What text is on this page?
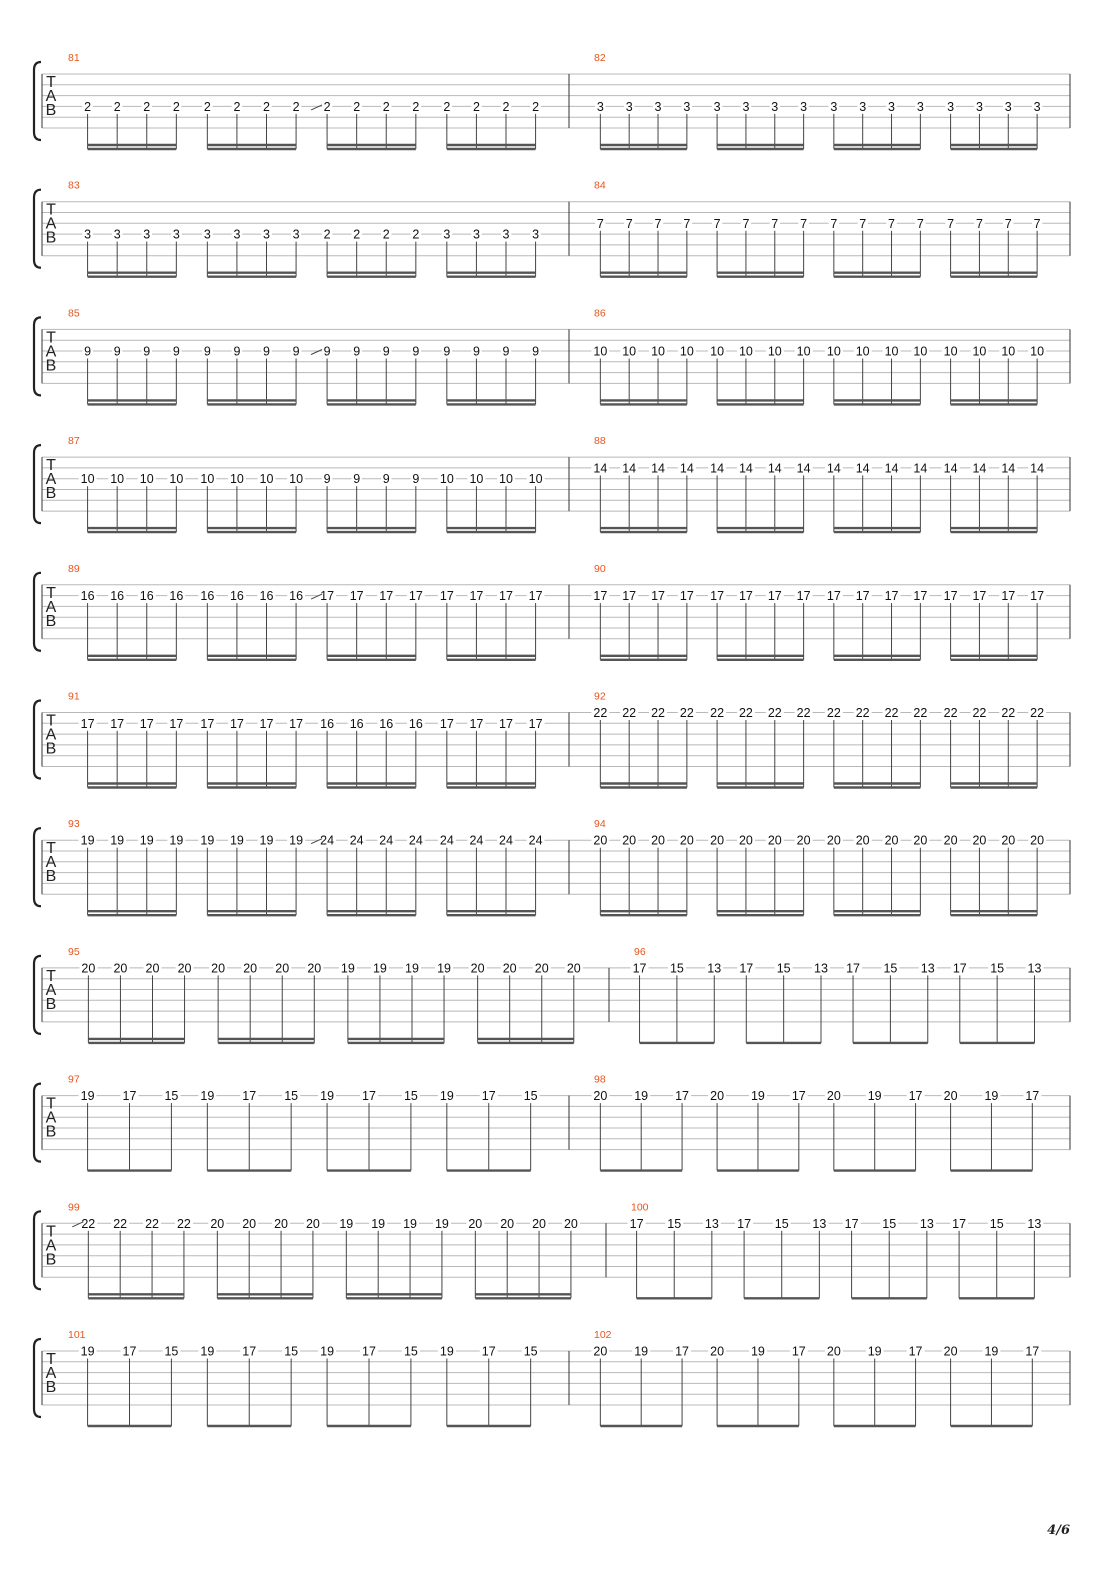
T
A
B
81
2 2 2 2 2 2 2 2 2 2 2 2 2 2 2 2
82
3 3 3 3 3 3 3 3 3 3 3 3 3 3 3 3
T
A
B
83
3 3 3 3 3 3 3 3 2 2 2 2 3 3 3 3
84
7 7 7 7 7 7 7 7 7 7 7 7 7 7 7 7
T
A
B
85
9 9 9 9 9 9 9 9 9 9 9 9 9 9 9 9
86
10 10 10 10 10 10 10 10 10 10 10 10 10 10 10 10
T
A
B
87
10 10 10 10 10 10 10 10 9 9 9 9 10 10 10 10
88
14 14 14 14 14 14 14 14 14 14 14 14 14 14 14 14
T
A
B
89
16 16 16 16 16 16 16 16 17 17 17 17 17 17 17 17
90
17 17 17 17 17 17 17 17 17 17 17 17 17 17 17 17
T
A
B
91
17 17 17 17 17 17 17 17 16 16 16 16 17 17 17 17
92
22 22 22 22 22 22 22 22 22 22 22 22 22 22 22 22
T
A
B
93
19 19 19 19 19 19 19 19 24 24 24 24 24 24 24 24
94
20 20 20 20 20 20 20 20 20 20 20 20 20 20 20 20
T
A
B
95
20 20 20 20 20 20 20 20 19 19 19 19 20 20 20 20
96
17 15 13 17 15 13 17 15 13 17 15 13
T
A
B
97
19 17 15 19 17 15 19 17 15 19 17 15
98
20 19 17 20 19 17 20 19 17 20 19 17
T
A
B
99
22 22 22 22 20 20 20 20 19 19 19 19 20 20 20 20
100
17 15 13 17 15 13 17 15 13 17 15 13
T
A
B
101
19 17 15 19 17 15 19 17 15 19 17 15
102
20 19 17 20 19 17 20 19 17 20 19 17
4/6
